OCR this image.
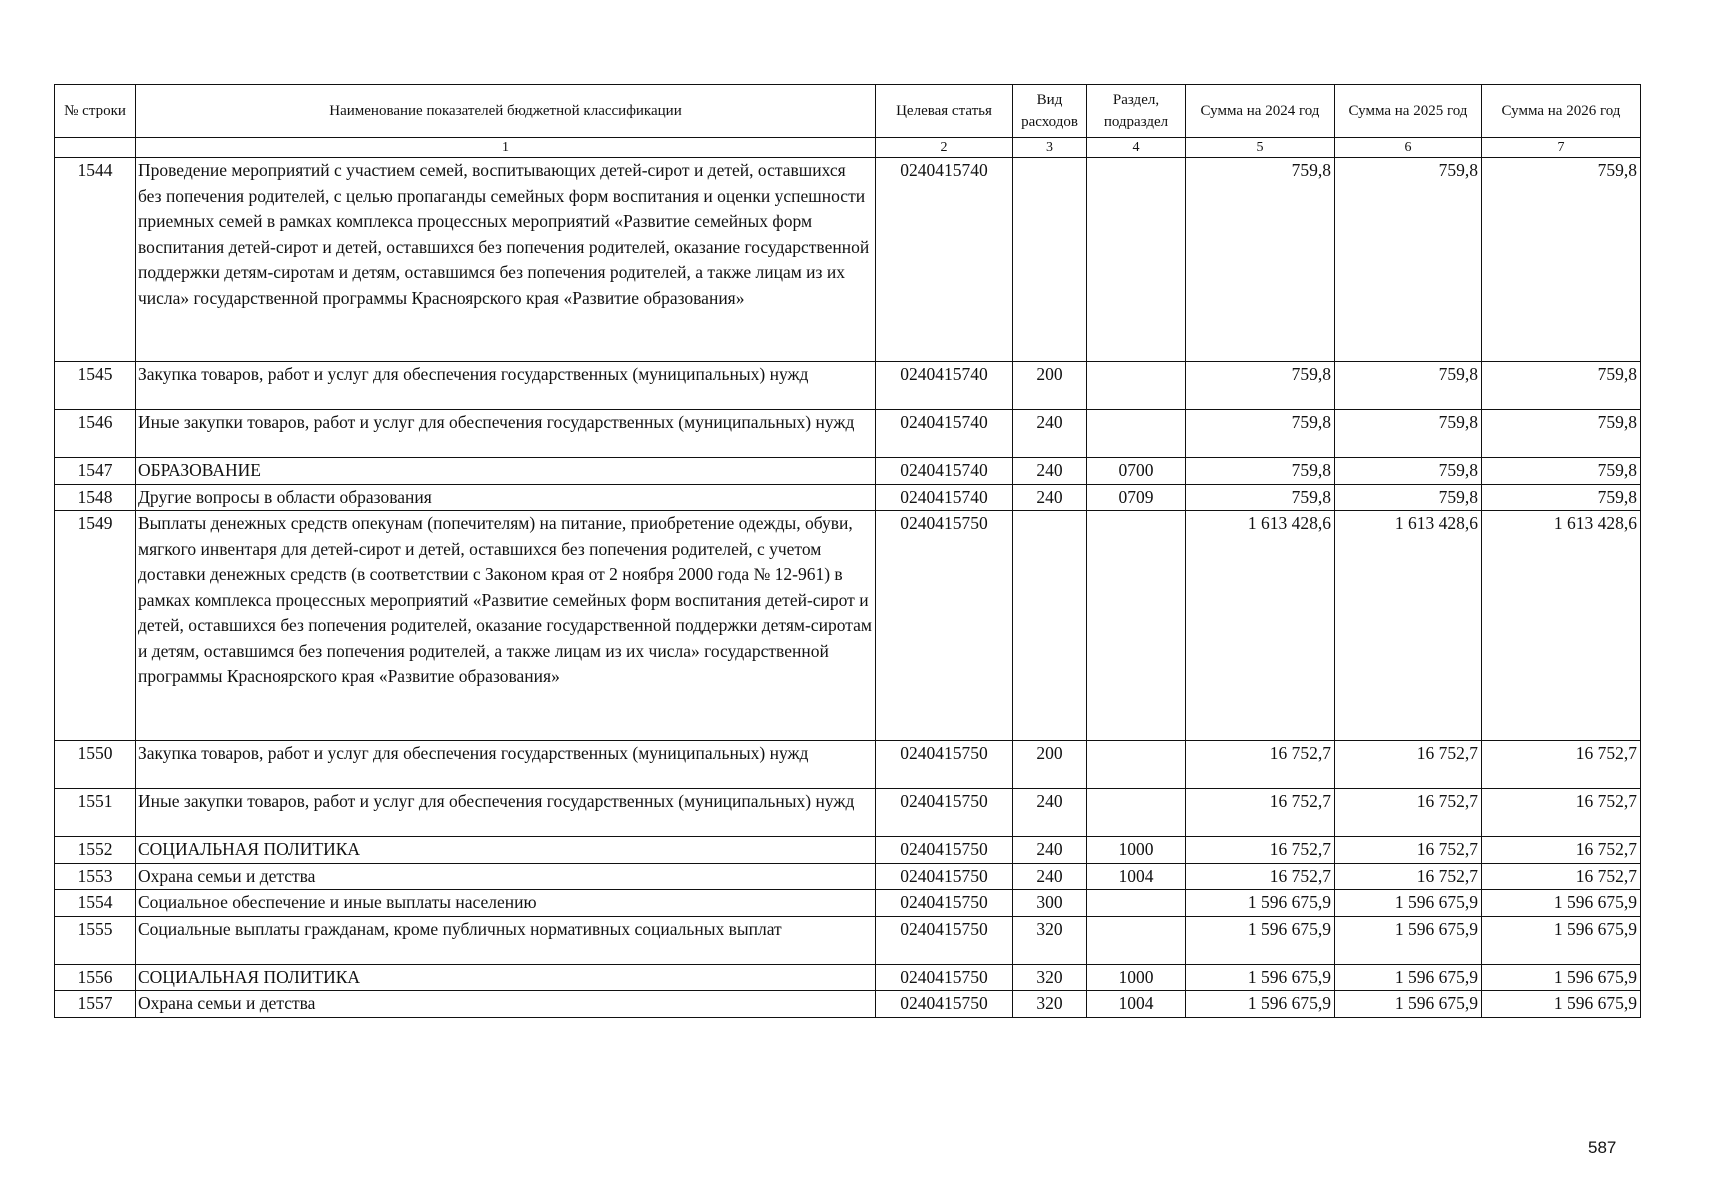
№ строки	Наименование показателей бюджетной классификации	Целевая статья	Вид расходов	Раздел, подраздел	Сумма на 2024 год	Сумма на 2025 год	Сумма на 2026 год
	1	2	3	4	5	6	7
1544	Проведение мероприятий с участием семей, воспитывающих детей-сирот и детей, оставшихся без попечения родителей, с целью пропаганды семейных форм воспитания и оценки успешности приемных семей в рамках комплекса процессных мероприятий «Развитие семейных форм воспитания детей-сирот и детей, оставшихся без попечения родителей, оказание государственной поддержки детям-сиротам и детям, оставшимся без попечения родителей, а также лицам из их числа» государственной программы Красноярского края «Развитие образования»	0240415740			759,8	759,8	759,8
1545	Закупка товаров, работ и услуг для обеспечения государственных (муниципальных) нужд	0240415740	200		759,8	759,8	759,8
1546	Иные закупки товаров, работ и услуг для обеспечения государственных (муниципальных) нужд	0240415740	240		759,8	759,8	759,8
1547	ОБРАЗОВАНИЕ	0240415740	240	0700	759,8	759,8	759,8
1548	Другие вопросы в области образования	0240415740	240	0709	759,8	759,8	759,8
1549	Выплаты денежных средств опекунам (попечителям) на питание, приобретение одежды, обуви, мягкого инвентаря для детей-сирот и детей, оставшихся без попечения родителей, с учетом доставки денежных средств (в соответствии с Законом края от 2 ноября 2000 года № 12-961) в рамках комплекса процессных мероприятий «Развитие семейных форм воспитания детей-сирот и детей, оставшихся без попечения родителей, оказание государственной поддержки детям-сиротам и детям, оставшимся без попечения родителей, а также лицам из их числа» государственной программы Красноярского края «Развитие образования»	0240415750			1 613 428,6	1 613 428,6	1 613 428,6
1550	Закупка товаров, работ и услуг для обеспечения государственных (муниципальных) нужд	0240415750	200		16 752,7	16 752,7	16 752,7
1551	Иные закупки товаров, работ и услуг для обеспечения государственных (муниципальных) нужд	0240415750	240		16 752,7	16 752,7	16 752,7
1552	СОЦИАЛЬНАЯ ПОЛИТИКА	0240415750	240	1000	16 752,7	16 752,7	16 752,7
1553	Охрана семьи и детства	0240415750	240	1004	16 752,7	16 752,7	16 752,7
1554	Социальное обеспечение и иные выплаты населению	0240415750	300		1 596 675,9	1 596 675,9	1 596 675,9
1555	Социальные выплаты гражданам, кроме публичных нормативных социальных выплат	0240415750	320		1 596 675,9	1 596 675,9	1 596 675,9
1556	СОЦИАЛЬНАЯ ПОЛИТИКА	0240415750	320	1000	1 596 675,9	1 596 675,9	1 596 675,9
1557	Охрана семьи и детства	0240415750	320	1004	1 596 675,9	1 596 675,9	1 596 675,9
587
